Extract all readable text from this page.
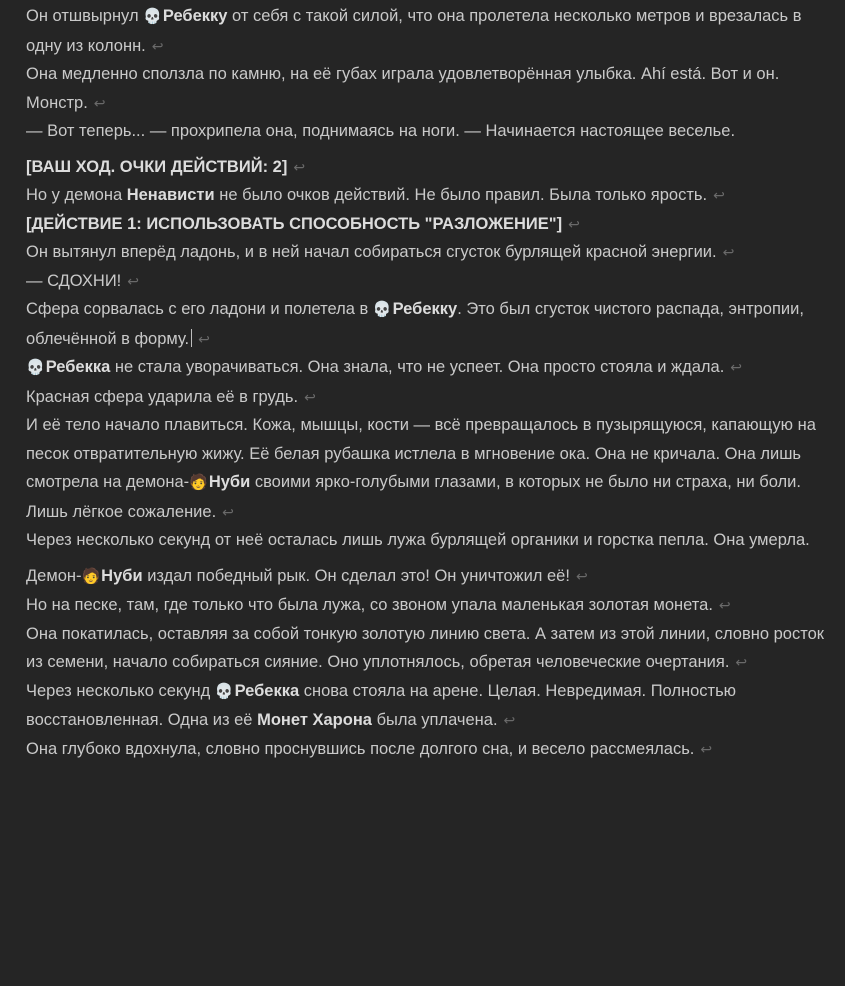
Он отшвырнул 💀Ребекку от себя с такой силой, что она пролетела несколько метров и врезалась в одну из колонн. ↩

Она медленно сползла по камню, на её губах играла удовлетворённая улыбка. Ahí está. Вот и он. Монстр. ↩

— Вот теперь... — прохрипела она, поднимаясь на ноги. — Начинается настоящее веселье.

[ВАШ ХОД. ОЧКИ ДЕЙСТВИЙ: 2] ↩

Но у демона Ненависти не было очков действий. Не было правил. Была только ярость. ↩

[ДЕЙСТВИЕ 1: ИСПОЛЬЗОВАТЬ СПОСОБНОСТЬ "РАЗЛОЖЕНИЕ"] ↩

Он вытянул вперёд ладонь, и в ней начал собираться сгусток бурлящей красной энергии. ↩

— СДОХНИ! ↩

Сфера сорвалась с его ладони и полетела в 💀Ребекку. Это был сгусток чистого распада, энтропии, облечённой в форму. ↩

💀Ребекка не стала уворачиваться. Она знала, что не успеет. Она просто стояла и ждала. ↩

Красная сфера ударила её в грудь. ↩

И её тело начало плавиться. Кожа, мышцы, кости — всё превращалось в пузырящуюся, капающую на песок отвратительную жижу. Её белая рубашка истлела в мгновение ока. Она не кричала. Она лишь смотрела на демона-🧑Нуби своими ярко-голубыми глазами, в которых не было ни страха, ни боли. Лишь лёгкое сожаление. ↩

Через несколько секунд от неё осталась лишь лужа бурлящей органики и горстка пепла. Она умерла.

Демон-🧑Нуби издал победный рык. Он сделал это! Он уничтожил её! ↩

Но на песке, там, где только что была лужа, со звоном упала маленькая золотая монета. ↩

Она покатилась, оставляя за собой тонкую золотую линию света. А затем из этой линии, словно росток из семени, начало собираться сияние. Оно уплотнялось, обретая человеческие очертания. ↩

Через несколько секунд 💀Ребекка снова стояла на арене. Целая. Невредимая. Полностью восстановленная. Одна из её Монет Харона была уплачена. ↩

Она глубоко вдохнула, словно проснувшись после долгого сна, и весело рассмеялась. ↩
